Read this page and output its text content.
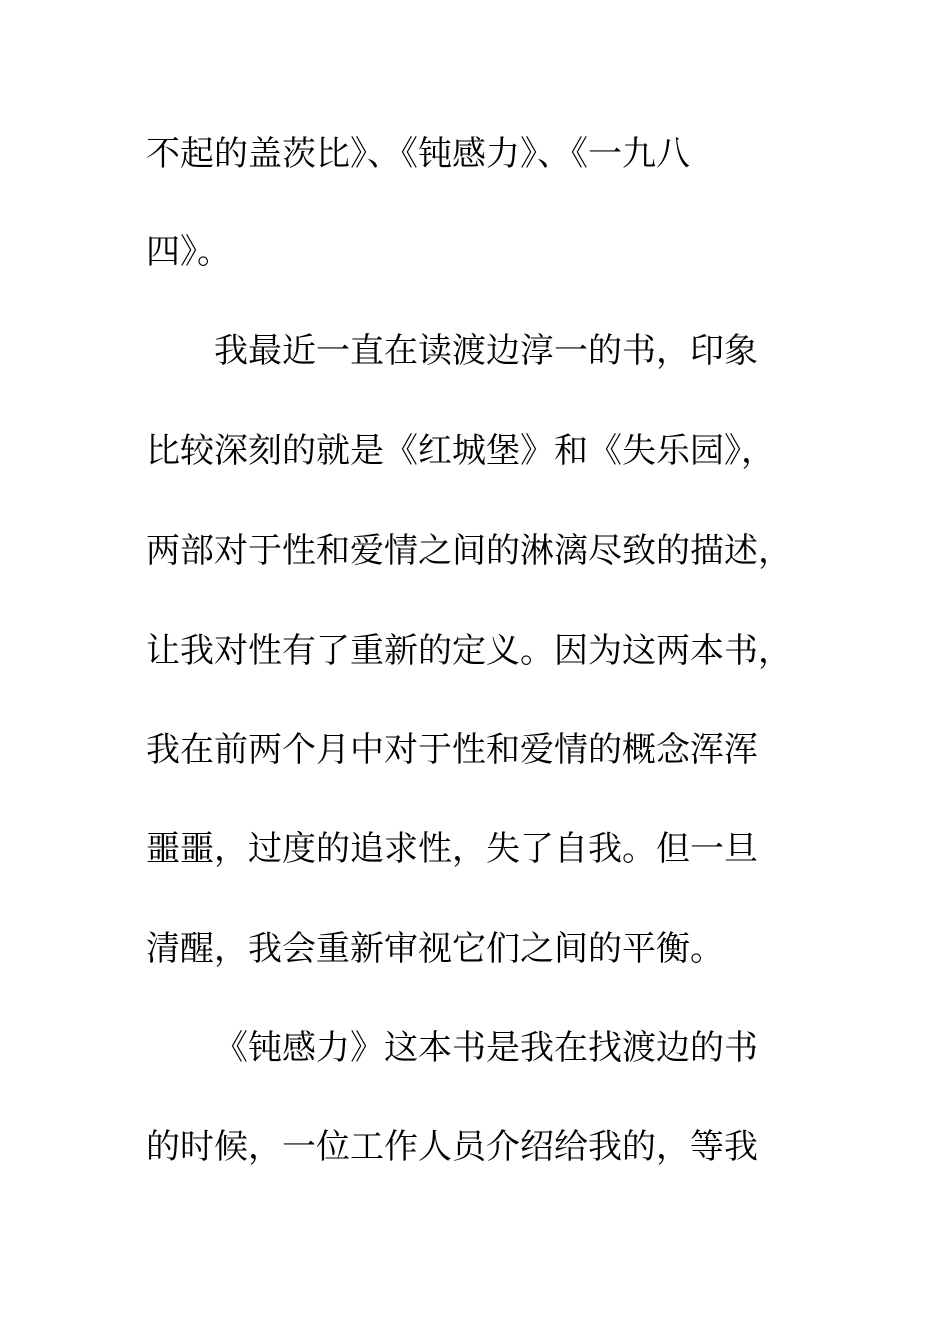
不起的盖茨比》、《钝感力》、《一九八
四》。
我最近一直在读渡边淳一的书，印象
比较深刻的就是《红城堡》和《失乐园》，
两部对于性和爱情之间的淋漓尽致的描述，
让我对性有了重新的定义。因为这两本书，
我在前两个月中对于性和爱情的概念浑浑
噩噩，过度的追求性，失了自我。但一旦
清醒，我会重新审视它们之间的平衡。
《钝感力》这本书是我在找渡边的书
的时候，一位工作人员介绍给我的，等我
